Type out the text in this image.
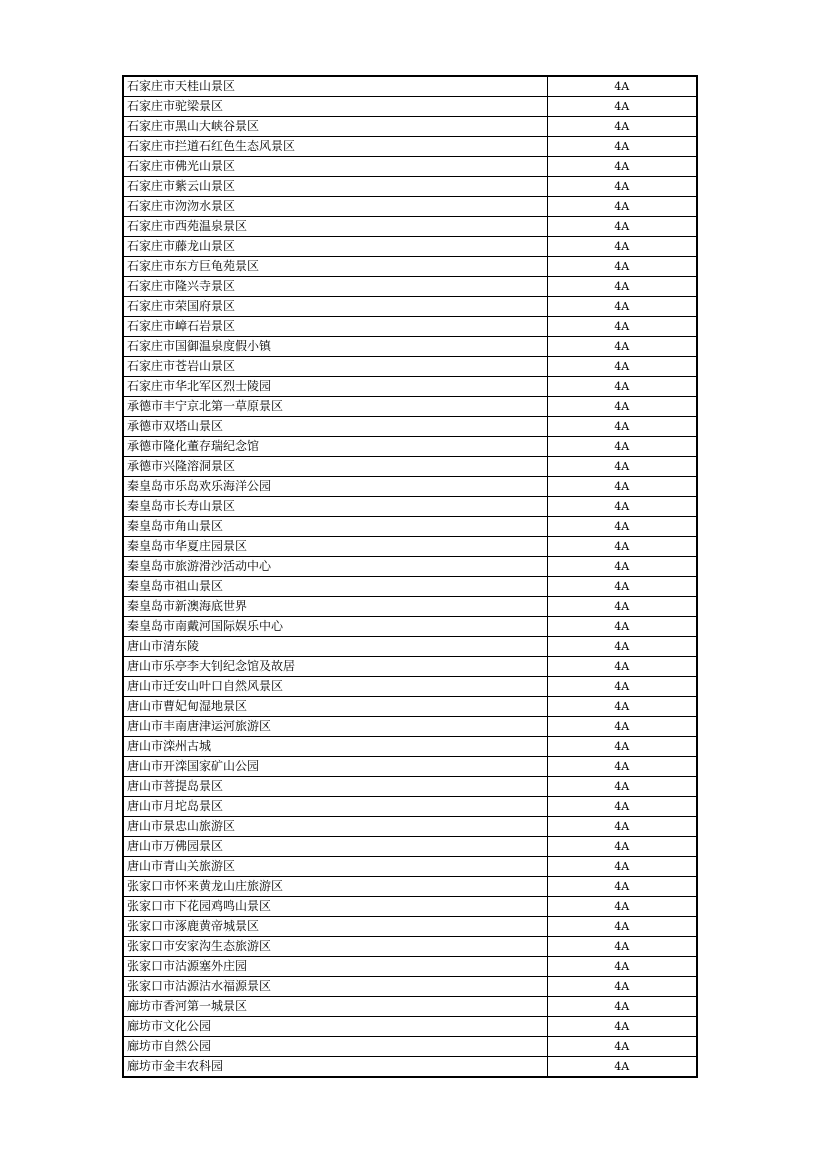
石家庄市天桂山景区	4A
石家庄市驼梁景区	4A
石家庄市黑山大峡谷景区	4A
石家庄市拦道石红色生态风景区	4A
石家庄市佛光山景区	4A
石家庄市紫云山景区	4A
石家庄市沕沕水景区	4A
石家庄市西苑温泉景区	4A
石家庄市藤龙山景区	4A
石家庄市东方巨龟苑景区	4A
石家庄市隆兴寺景区	4A
石家庄市荣国府景区	4A
石家庄市嶂石岩景区	4A
石家庄市国御温泉度假小镇	4A
石家庄市苍岩山景区	4A
石家庄市华北军区烈士陵园	4A
承德市丰宁京北第一草原景区	4A
承德市双塔山景区	4A
承德市隆化董存瑞纪念馆	4A
承德市兴隆溶洞景区	4A
秦皇岛市乐岛欢乐海洋公园	4A
秦皇岛市长寿山景区	4A
秦皇岛市角山景区	4A
秦皇岛市华夏庄园景区	4A
秦皇岛市旅游滑沙活动中心	4A
秦皇岛市祖山景区	4A
秦皇岛市新澳海底世界	4A
秦皇岛市南戴河国际娱乐中心	4A
唐山市清东陵	4A
唐山市乐亭李大钊纪念馆及故居	4A
唐山市迁安山叶口自然风景区	4A
唐山市曹妃甸湿地景区	4A
唐山市丰南唐津运河旅游区	4A
唐山市滦州古城	4A
唐山市开滦国家矿山公园	4A
唐山市菩提岛景区	4A
唐山市月坨岛景区	4A
唐山市景忠山旅游区	4A
唐山市万佛园景区	4A
唐山市青山关旅游区	4A
张家口市怀来黄龙山庄旅游区	4A
张家口市下花园鸡鸣山景区	4A
张家口市涿鹿黄帝城景区	4A
张家口市安家沟生态旅游区	4A
张家口市沽源塞外庄园	4A
张家口市沽源沽水福源景区	4A
廊坊市香河第一城景区	4A
廊坊市文化公园	4A
廊坊市自然公园	4A
廊坊市金丰农科园	4A
